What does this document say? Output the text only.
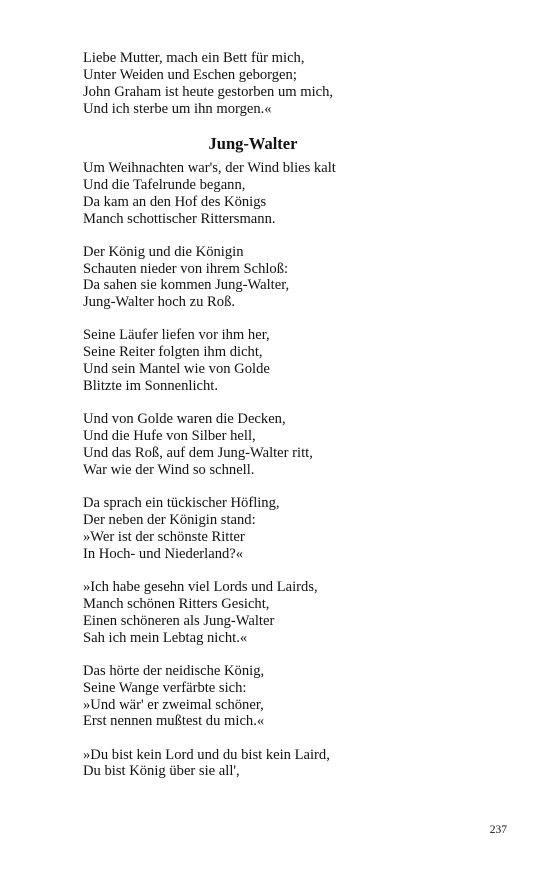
Liebe Mutter, mach ein Bett für mich,
Unter Weiden und Eschen geborgen;
John Graham ist heute gestorben um mich,
Und ich sterbe um ihn morgen.«
Jung-Walter
Um Weihnachten war's, der Wind blies kalt
Und die Tafelrunde begann,
Da kam an den Hof des Königs
Manch schottischer Rittersmann.
Der König und die Königin
Schauten nieder von ihrem Schloß:
Da sahen sie kommen Jung-Walter,
Jung-Walter hoch zu Roß.
Seine Läufer liefen vor ihm her,
Seine Reiter folgten ihm dicht,
Und sein Mantel wie von Golde
Blitzte im Sonnenlicht.
Und von Golde waren die Decken,
Und die Hufe von Silber hell,
Und das Roß, auf dem Jung-Walter ritt,
War wie der Wind so schnell.
Da sprach ein tückischer Höfling,
Der neben der Königin stand:
»Wer ist der schönste Ritter
In Hoch- und Niederland?«
»Ich habe gesehn viel Lords und Lairds,
Manch schönen Ritters Gesicht,
Einen schöneren als Jung-Walter
Sah ich mein Lebtag nicht.«
Das hörte der neidische König,
Seine Wange verfärbte sich:
»Und wär' er zweimal schöner,
Erst nennen mußtest du mich.«
»Du bist kein Lord und du bist kein Laird,
Du bist König über sie all',
237
